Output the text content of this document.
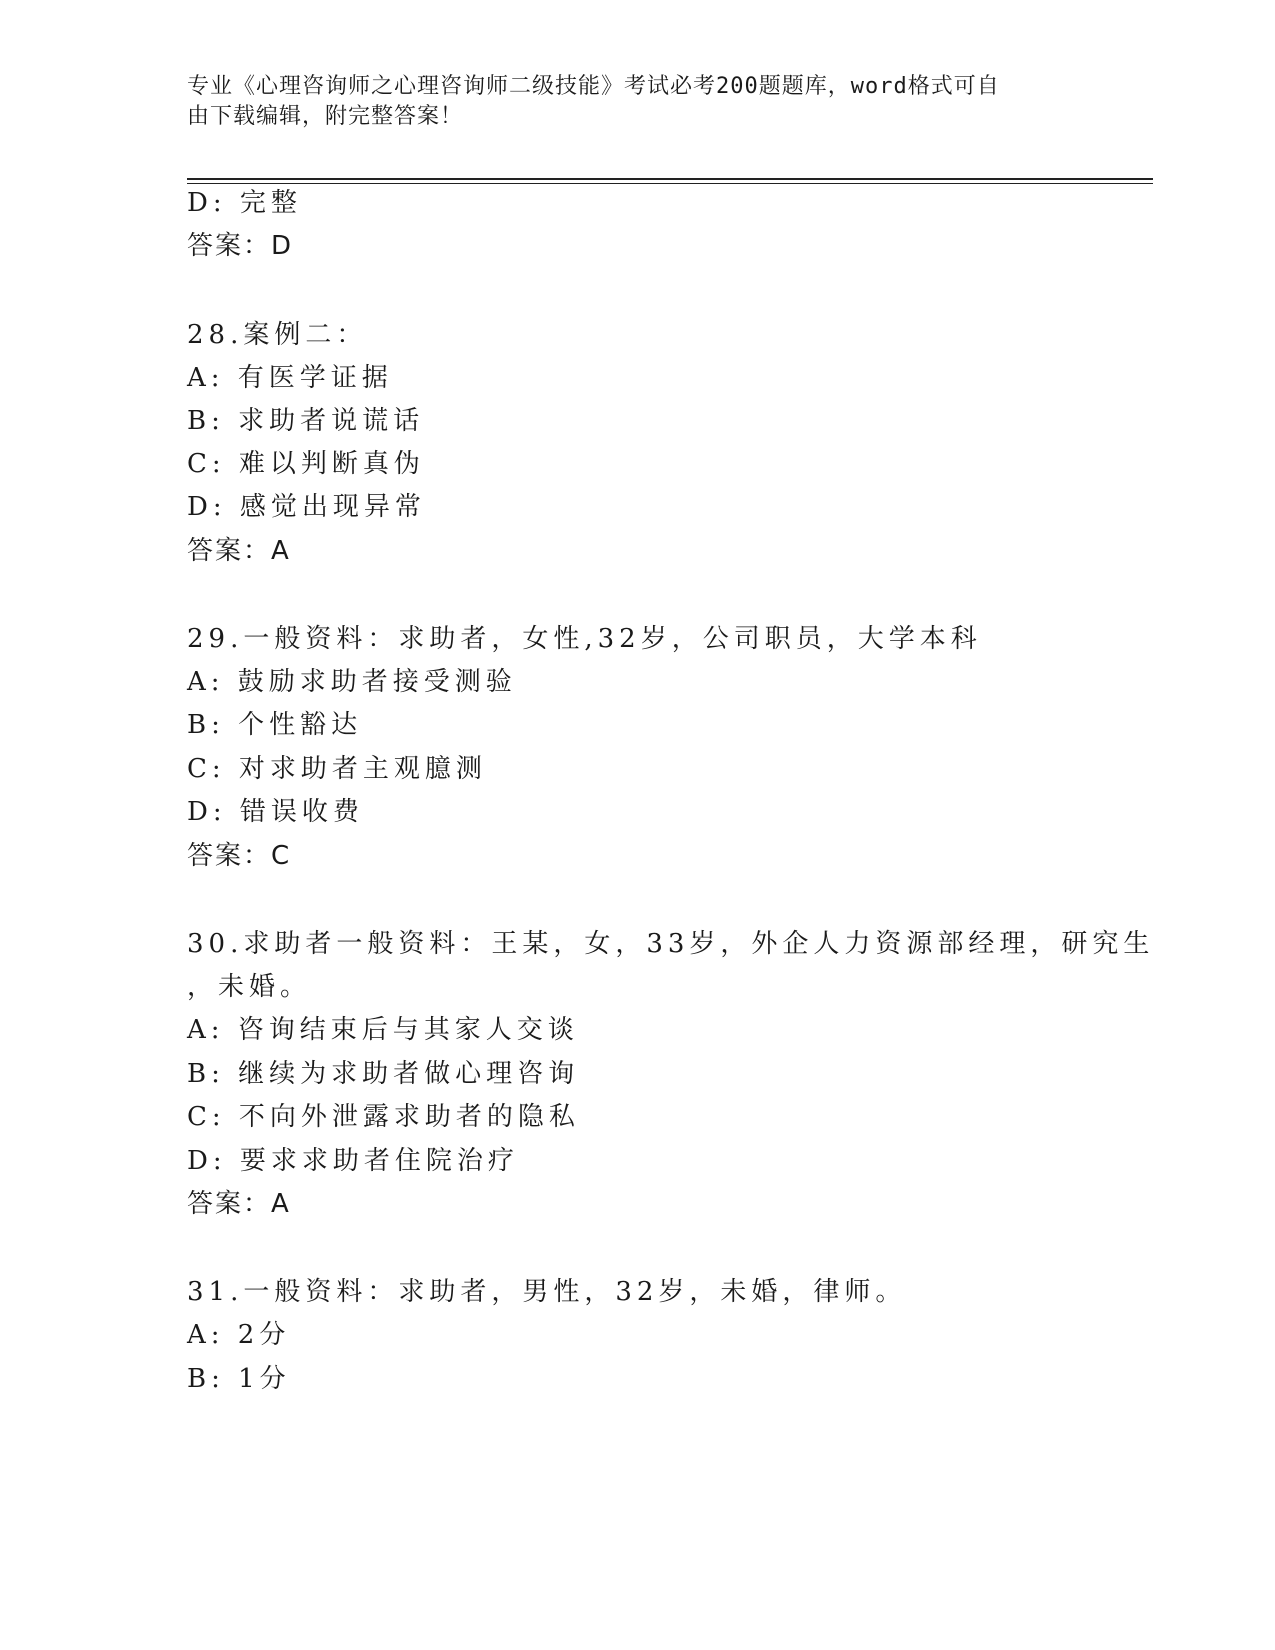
专业《心理咨询师之心理咨询师二级技能》考试必考200题题库，word格式可自
由下载编辑，附完整答案！
D: 完整
答案：D
28.案例二：
A: 有医学证据
B: 求助者说谎话
C: 难以判断真伪
D: 感觉出现异常
答案：A
29.一般资料：求助者，女性,32岁，公司职员，大学本科
A: 鼓励求助者接受测验
B: 个性豁达
C: 对求助者主观臆测
D: 错误收费
答案：C
30.求助者一般资料：王某，女，33岁，外企人力资源部经理，研究生
，未婚。
A: 咨询结束后与其家人交谈
B: 继续为求助者做心理咨询
C: 不向外泄露求助者的隐私
D: 要求求助者住院治疗
答案：A
31.一般资料：求助者，男性，32岁，未婚，律师。
A: 2分
B: 1分
